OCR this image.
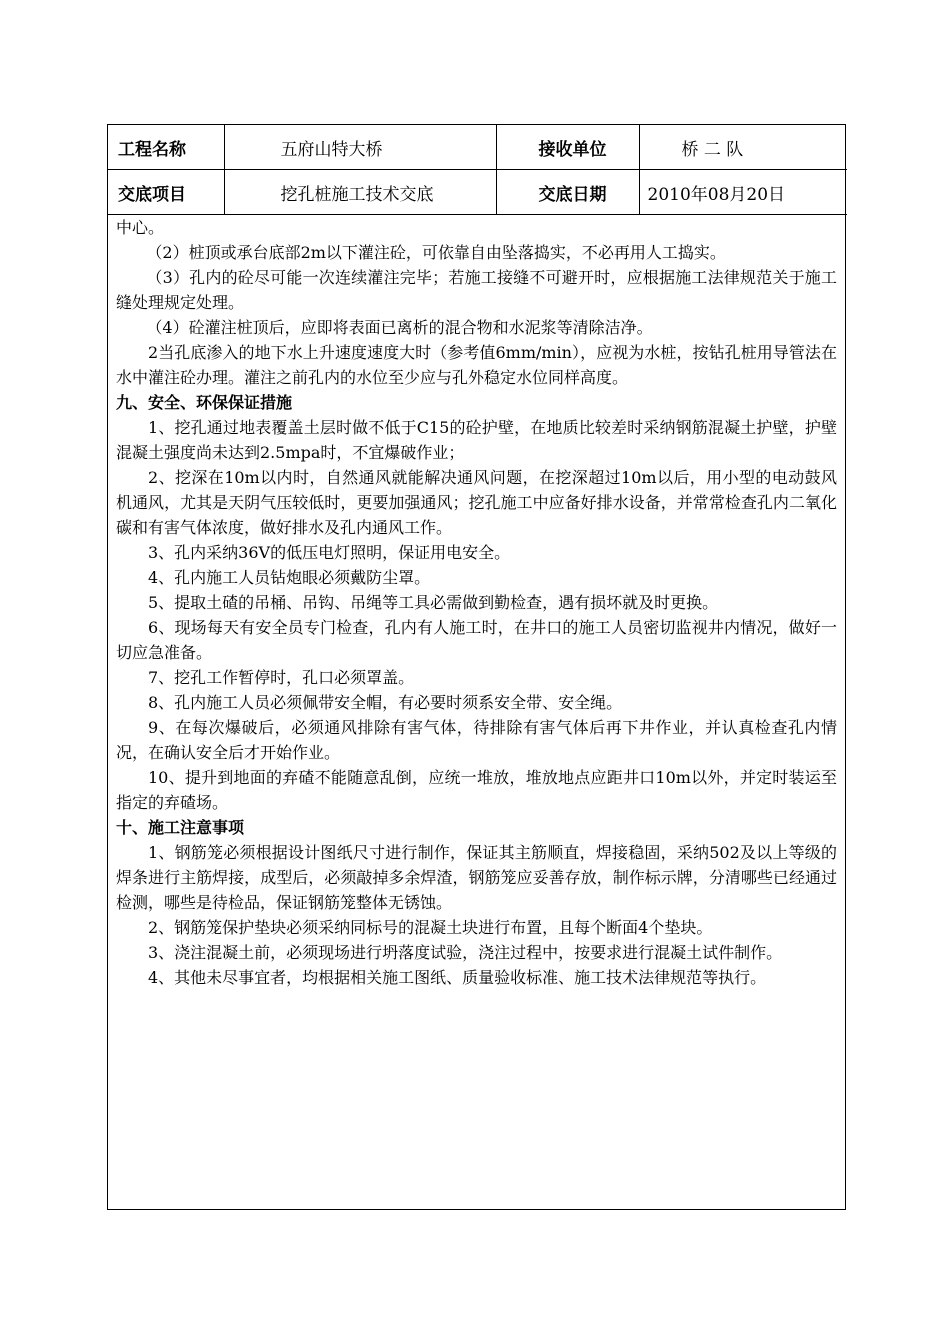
工程名称	五府山特大桥	接收单位	桥 二 队
交底项目	挖孔桩施工技术交底	交底日期	2010年08月20日

中心。

（2）桩顶或承台底部2m以下灌注砼，可依靠自由坠落捣实，不必再用人工捣实。

（3）孔内的砼尽可能一次连续灌注完毕；若施工接缝不可避开时，应根据施工法律规范关于施工缝处理规定处理。

（4）砼灌注桩顶后，应即将表面已离析的混合物和水泥浆等清除洁净。

2当孔底渗入的地下水上升速度速度大时（参考值6mm/min），应视为水桩，按钻孔桩用导管法在水中灌注砼办理。灌注之前孔内的水位至少应与孔外稳定水位同样高度。

九、安全、环保保证措施

1、挖孔通过地表覆盖土层时做不低于C15的砼护壁，在地质比较差时采纳钢筋混凝土护壁，护壁混凝土强度尚未达到2.5mpa时，不宜爆破作业；

2、挖深在10m以内时，自然通风就能解决通风问题，在挖深超过10m以后，用小型的电动鼓风机通风，尤其是天阴气压较低时，更要加强通风；挖孔施工中应备好排水设备，并常常检查孔内二氧化碳和有害气体浓度，做好排水及孔内通风工作。

3、孔内采纳36V的低压电灯照明，保证用电安全。

4、孔内施工人员钻炮眼必须戴防尘罩。

5、提取土碴的吊桶、吊钩、吊绳等工具必需做到勤检查，遇有损坏就及时更换。

6、现场每天有安全员专门检查，孔内有人施工时，在井口的施工人员密切监视井内情况，做好一切应急准备。

7、挖孔工作暂停时，孔口必须罩盖。

8、孔内施工人员必须佩带安全帽，有必要时须系安全带、安全绳。

9、在每次爆破后，必须通风排除有害气体，待排除有害气体后再下井作业，并认真检查孔内情况，在确认安全后才开始作业。

10、提升到地面的弃碴不能随意乱倒，应统一堆放，堆放地点应距井口10m以外，并定时装运至指定的弃碴场。

十、施工注意事项

1、钢筋笼必须根据设计图纸尺寸进行制作，保证其主筋顺直，焊接稳固，采纳502及以上等级的焊条进行主筋焊接，成型后，必须敲掉多余焊渣，钢筋笼应妥善存放，制作标示牌，分清哪些已经通过检测，哪些是待检品，保证钢筋笼整体无锈蚀。

2、钢筋笼保护垫块必须采纳同标号的混凝土块进行布置，且每个断面4个垫块。

3、浇注混凝土前，必须现场进行坍落度试验，浇注过程中，按要求进行混凝土试件制作。

4、其他未尽事宜者，均根据相关施工图纸、质量验收标准、施工技术法律规范等执行。
